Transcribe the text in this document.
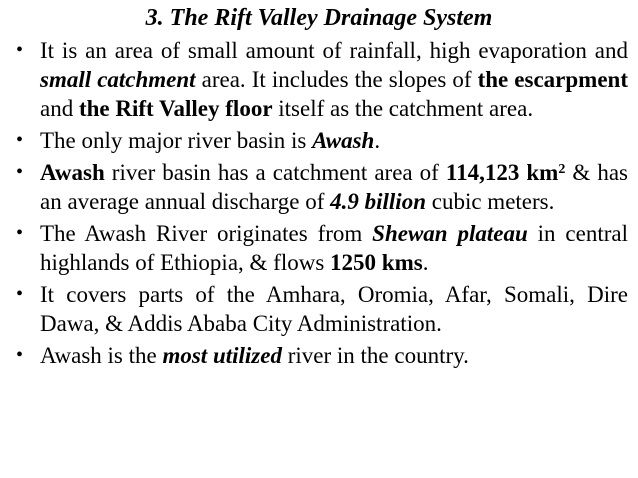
3. The Rift Valley Drainage System
• It is an area of small amount of rainfall, high evaporation and small catchment area. It includes the slopes of the escarpment and the Rift Valley floor itself as the catchment area.
• The only major river basin is Awash.
• Awash river basin has a catchment area of 114,123 $km^2$ & has an average annual discharge of 4.9 billion cubic meters.
• The Awash River originates from Shewan plateau in central highlands of Ethiopia, & flows 1250 kms.
• It covers parts of the Amhara, Oromia, Afar, Somali, Dire Dawa, & Addis Ababa City Administration.
• Awash is the most utilized river in the country.
